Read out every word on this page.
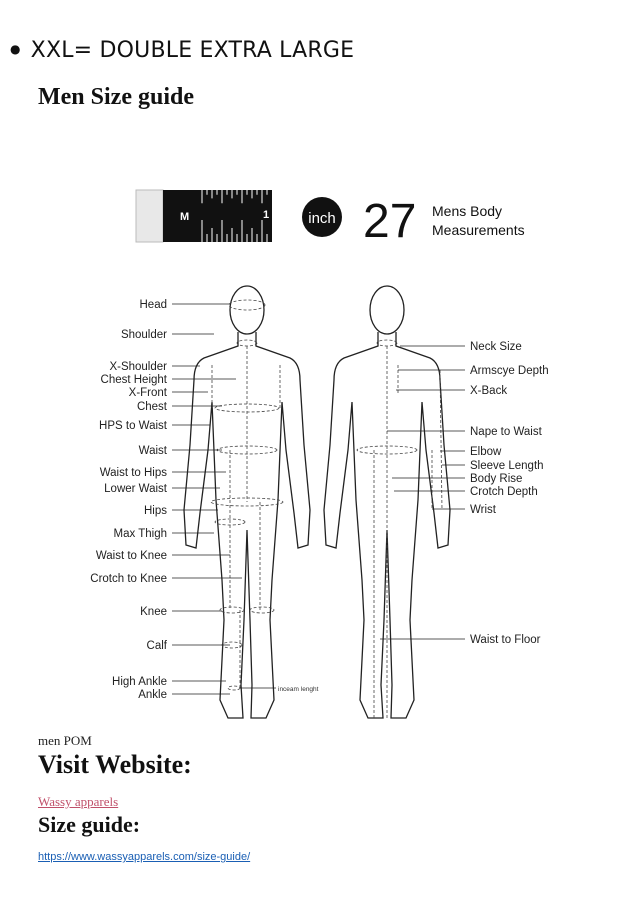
● XXL= DOUBLE EXTRA LARGE
Men Size guide
M	1	inch 27 Mens Body
Measurements
Head
Shoulder
X-Shoulder
Chest Height
X-Front
Chest
HPS to Waist
Waist
Waist to Hips
Lower Waist
Hips
Max Thigh
Waist to Knee
Crotch to Knee
Knee
Calf
High Ankle
Ankle
Neck Size
Armscye Depth
X-Back
Nape to Waist
Elbow
Sleeve Length
Body Rise
Crotch Depth
Wrist
Waist to Floor
inceam lenght
men POM
Visit Website:
Wassy apparels
Size guide:
https://www.wassyapparels.com/size-guide/
